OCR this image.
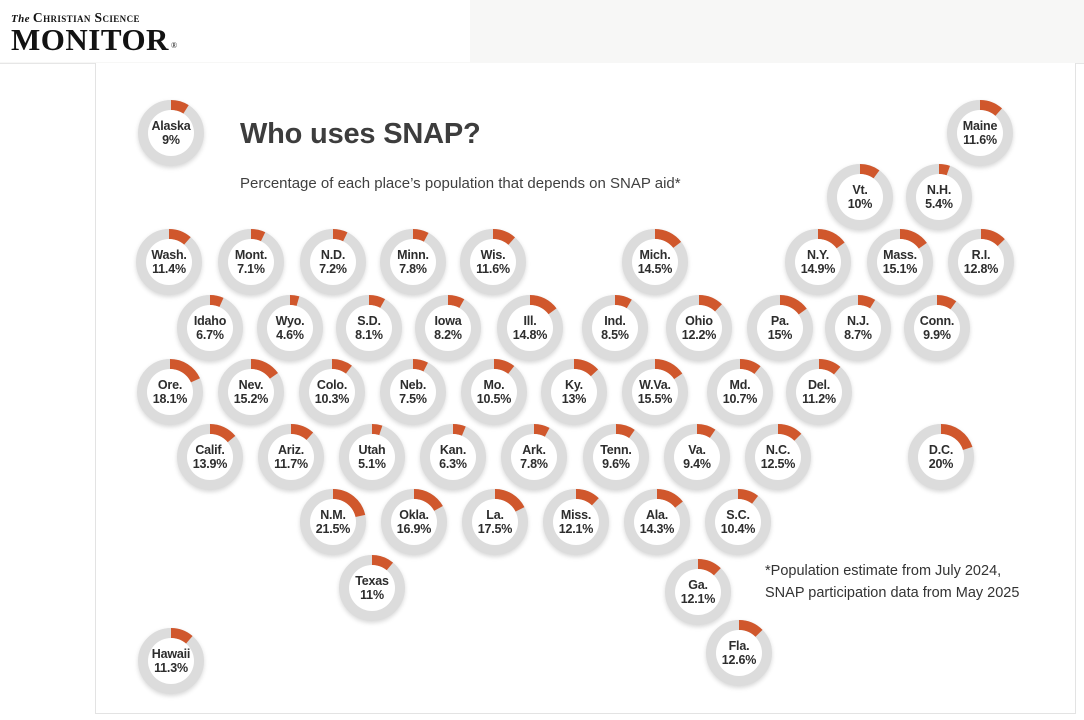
The Christian Science
MONITOR ®
Who uses SNAP?

Percentage of each place’s population that depends on SNAP aid*

*Population estimate from July 2024,
SNAP participation data from May 2025

Alaska
9%
Maine
11.6%
Vt.
10%
N.H.
5.4%
Wash.
11.4%
Mont.
7.1%
N.D.
7.2%
Minn.
7.8%
Wis.
11.6%
Mich.
14.5%
N.Y.
14.9%
Mass.
15.1%
R.I.
12.8%
Idaho
6.7%
Wyo.
4.6%
S.D.
8.1%
Iowa
8.2%
Ill.
14.8%
Ind.
8.5%
Ohio
12.2%
Pa.
15%
N.J.
8.7%
Conn.
9.9%
Ore.
18.1%
Nev.
15.2%
Colo.
10.3%
Neb.
7.5%
Mo.
10.5%
Ky.
13%
W.Va.
15.5%
Md.
10.7%
Del.
11.2%
Calif.
13.9%
Ariz.
11.7%
Utah
5.1%
Kan.
6.3%
Ark.
7.8%
Tenn.
9.6%
Va.
9.4%
N.C.
12.5%
D.C.
20%
N.M.
21.5%
Okla.
16.9%
La.
17.5%
Miss.
12.1%
Ala.
14.3%
S.C.
10.4%
Texas
11%
Ga.
12.1%
Hawaii
11.3%
Fla.
12.6%
